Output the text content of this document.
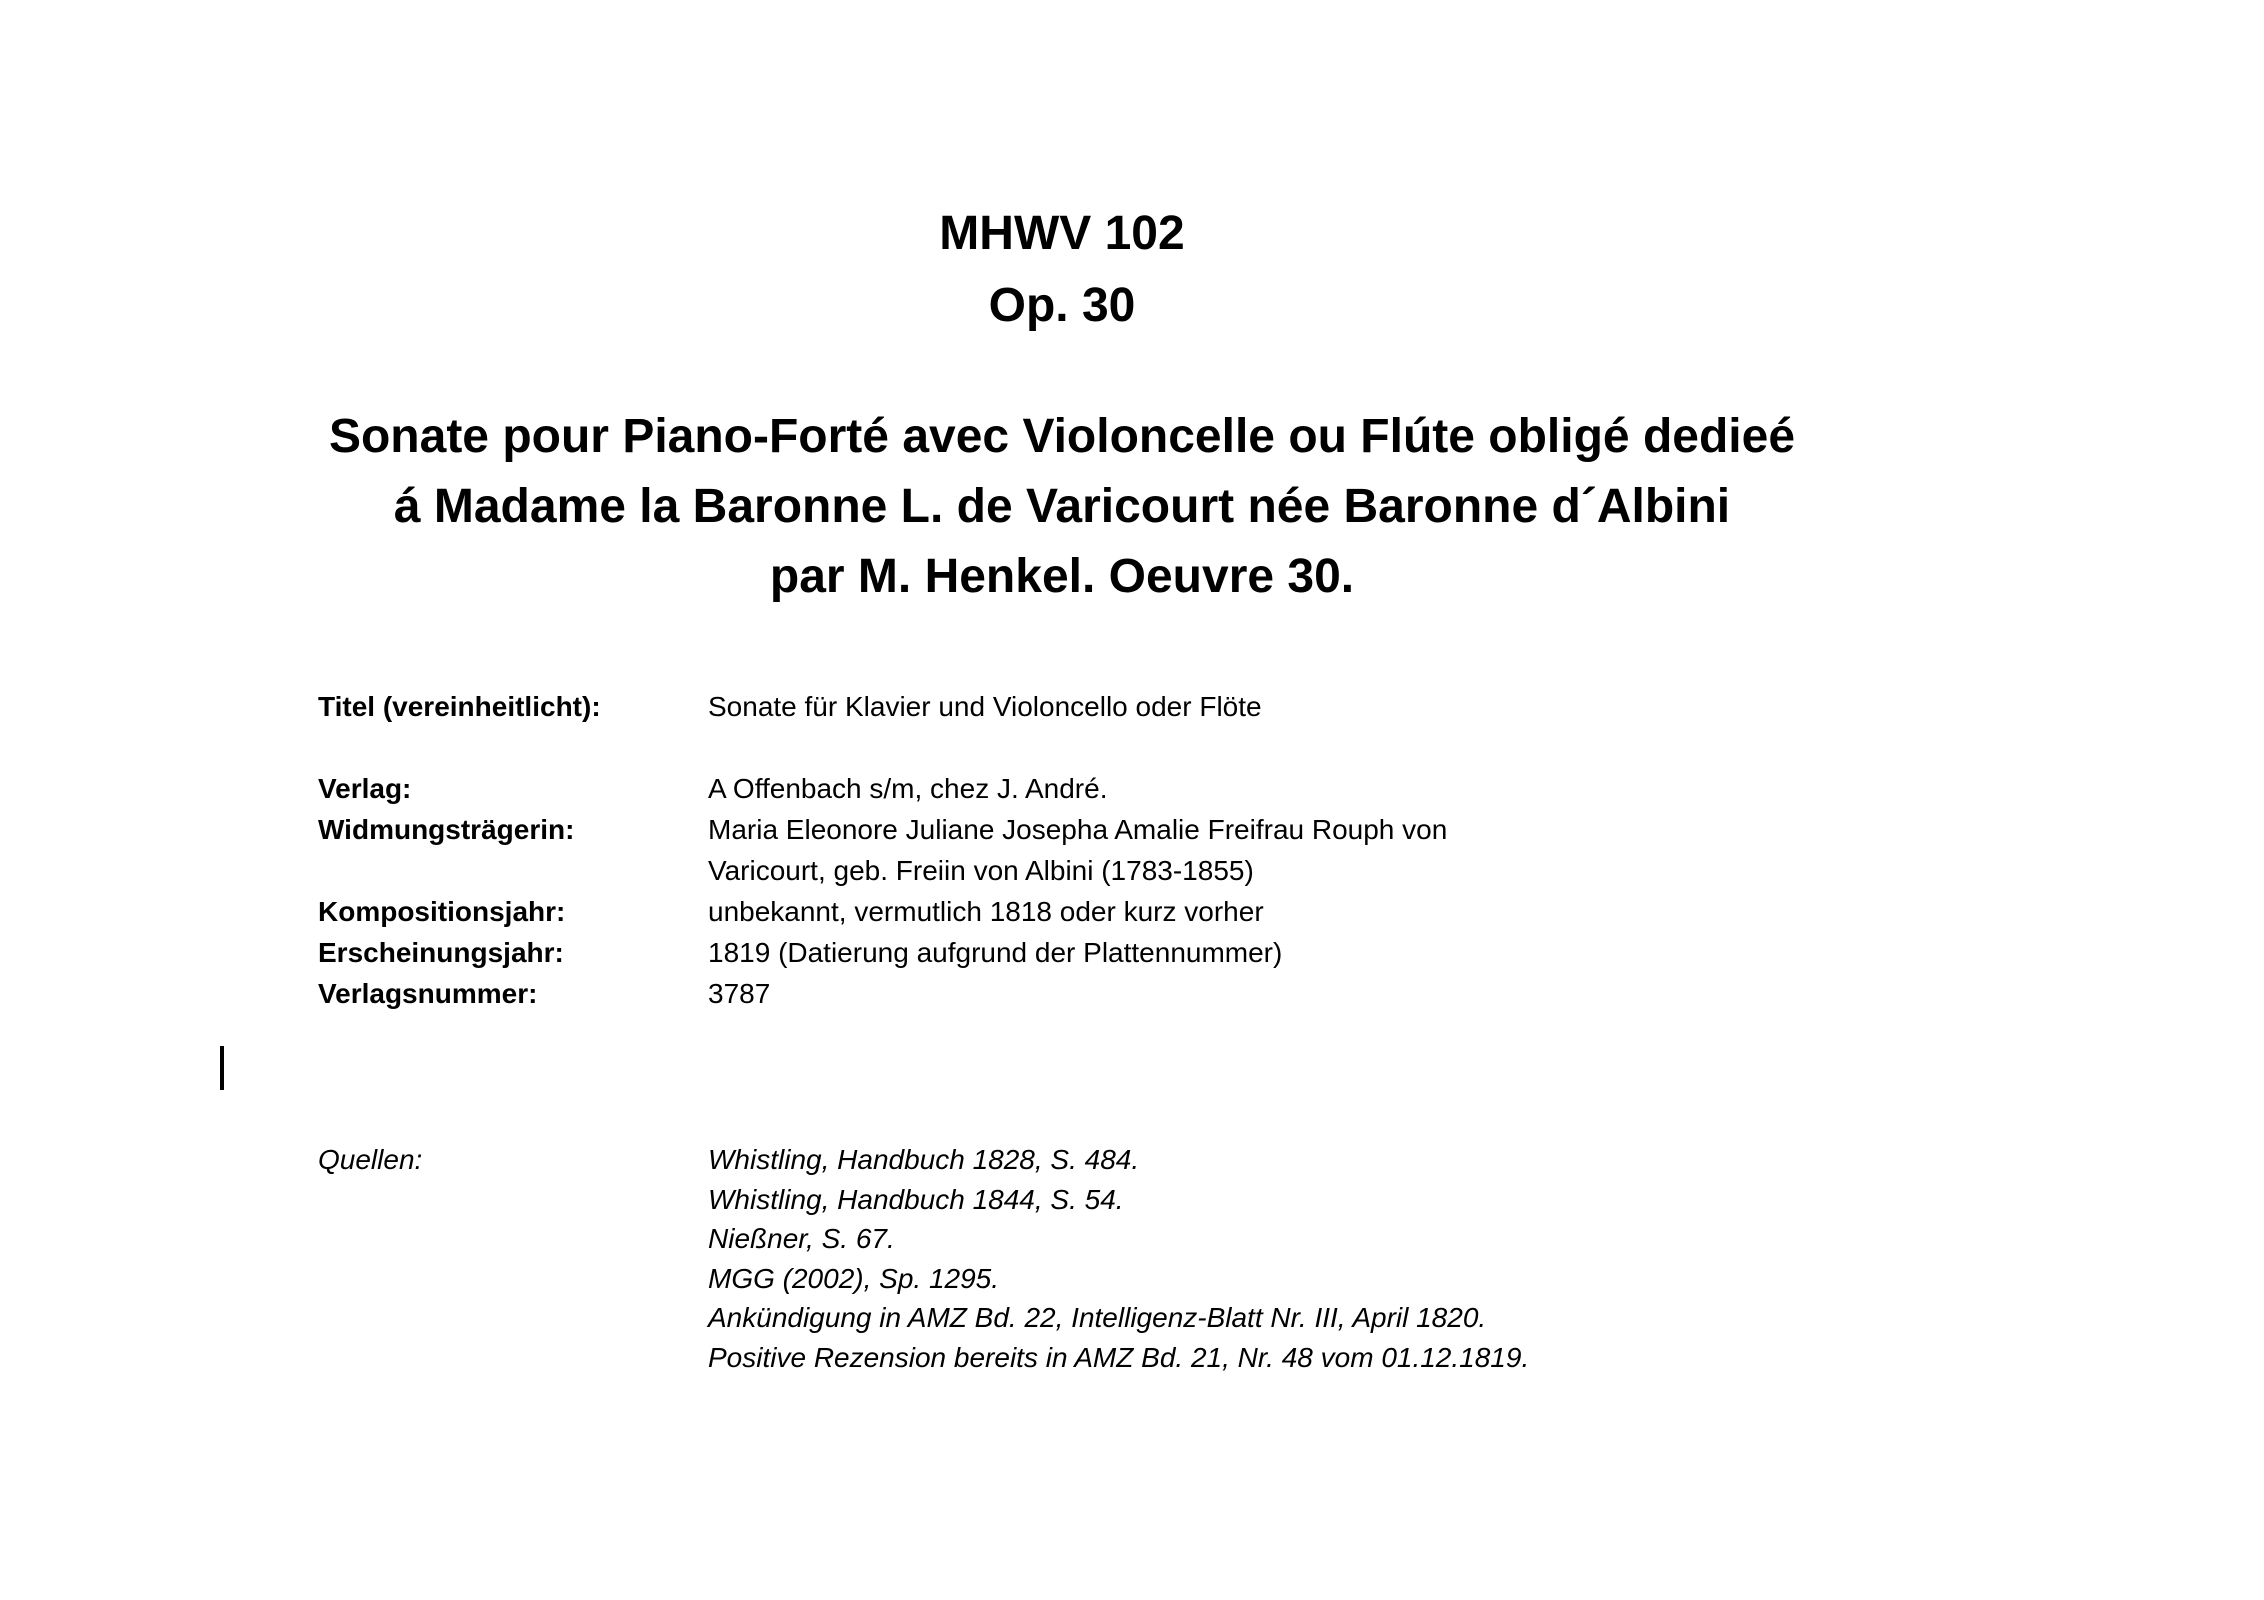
MHWV 102
Op. 30
Sonate pour Piano-Forté avec Violoncelle ou Flúte obligé dedieé
á Madame la Baronne L. de Varicourt née Baronne d´Albini
par M. Henkel. Oeuvre 30.
Titel (vereinheitlicht):	Sonate für Klavier und Violoncello oder Flöte
Verlag:	A Offenbach s/m, chez J. André.
Widmungsträgerin:	Maria Eleonore Juliane Josepha Amalie Freifrau Rouph von
Varicourt, geb. Freiin von Albini (1783-1855)
Kompositionsjahr:	unbekannt, vermutlich 1818 oder kurz vorher
Erscheinungsjahr:	1819 (Datierung aufgrund der Plattennummer)
Verlagsnummer:	3787
Quellen:	Whistling, Handbuch 1828, S. 484.
Whistling, Handbuch 1844, S. 54.
Nießner, S. 67.
MGG (2002), Sp. 1295.
Ankündigung in AMZ Bd. 22, Intelligenz-Blatt Nr. III, April 1820.
Positive Rezension bereits in AMZ Bd. 21, Nr. 48 vom 01.12.1819.
